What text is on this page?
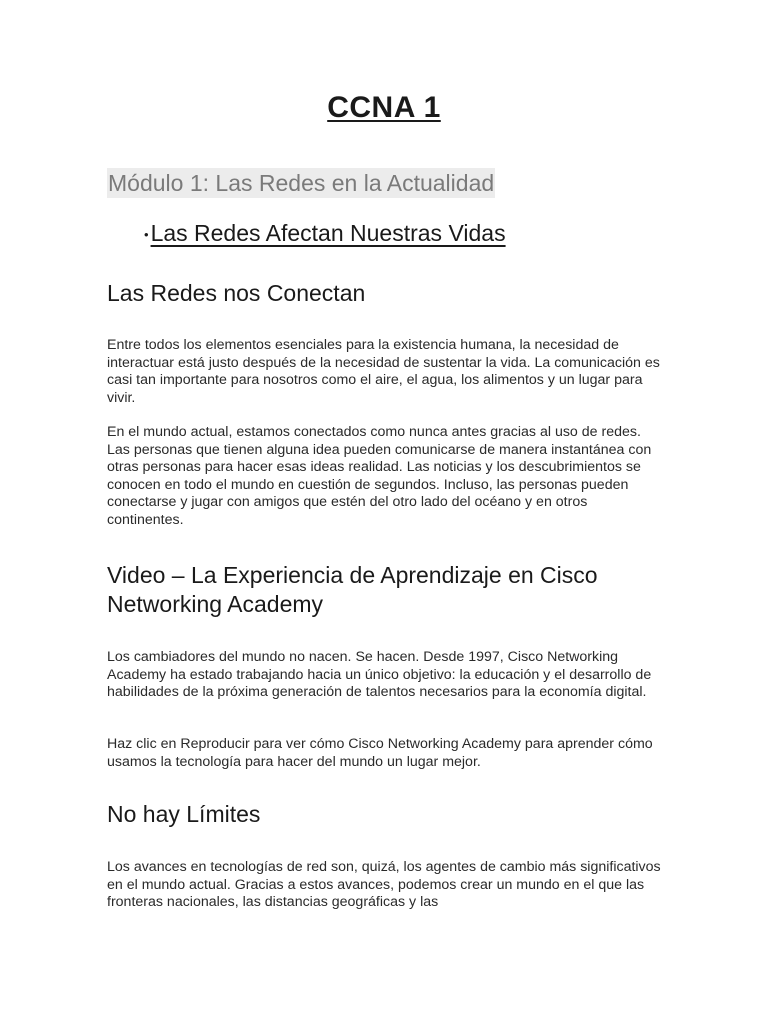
CCNA 1
Módulo 1: Las Redes en la Actualidad
• Las Redes Afectan Nuestras Vidas
Las Redes nos Conectan

Entre todos los elementos esenciales para la existencia humana, la necesidad de interactuar está justo después de la necesidad de sustentar la vida. La comunicación es casi tan importante para nosotros como el aire, el agua, los alimentos y un lugar para vivir.

En el mundo actual, estamos conectados como nunca antes gracias al uso de redes. Las personas que tienen alguna idea pueden comunicarse de manera instantánea con otras personas para hacer esas ideas realidad. Las noticias y los descubrimientos se conocen en todo el mundo en cuestión de segundos. Incluso, las personas pueden conectarse y jugar con amigos que estén del otro lado del océano y en otros continentes.

Video – La Experiencia de Aprendizaje en Cisco Networking Academy

Los cambiadores del mundo no nacen. Se hacen. Desde 1997, Cisco Networking Academy ha estado trabajando hacia un único objetivo: la educación y el desarrollo de habilidades de la próxima generación de talentos necesarios para la economía digital.

Haz clic en Reproducir para ver cómo Cisco Networking Academy para aprender cómo usamos la tecnología para hacer del mundo un lugar mejor.

No hay Límites

Los avances en tecnologías de red son, quizá, los agentes de cambio más significativos en el mundo actual. Gracias a estos avances, podemos crear un mundo en el que las fronteras nacionales, las distancias geográficas y las
